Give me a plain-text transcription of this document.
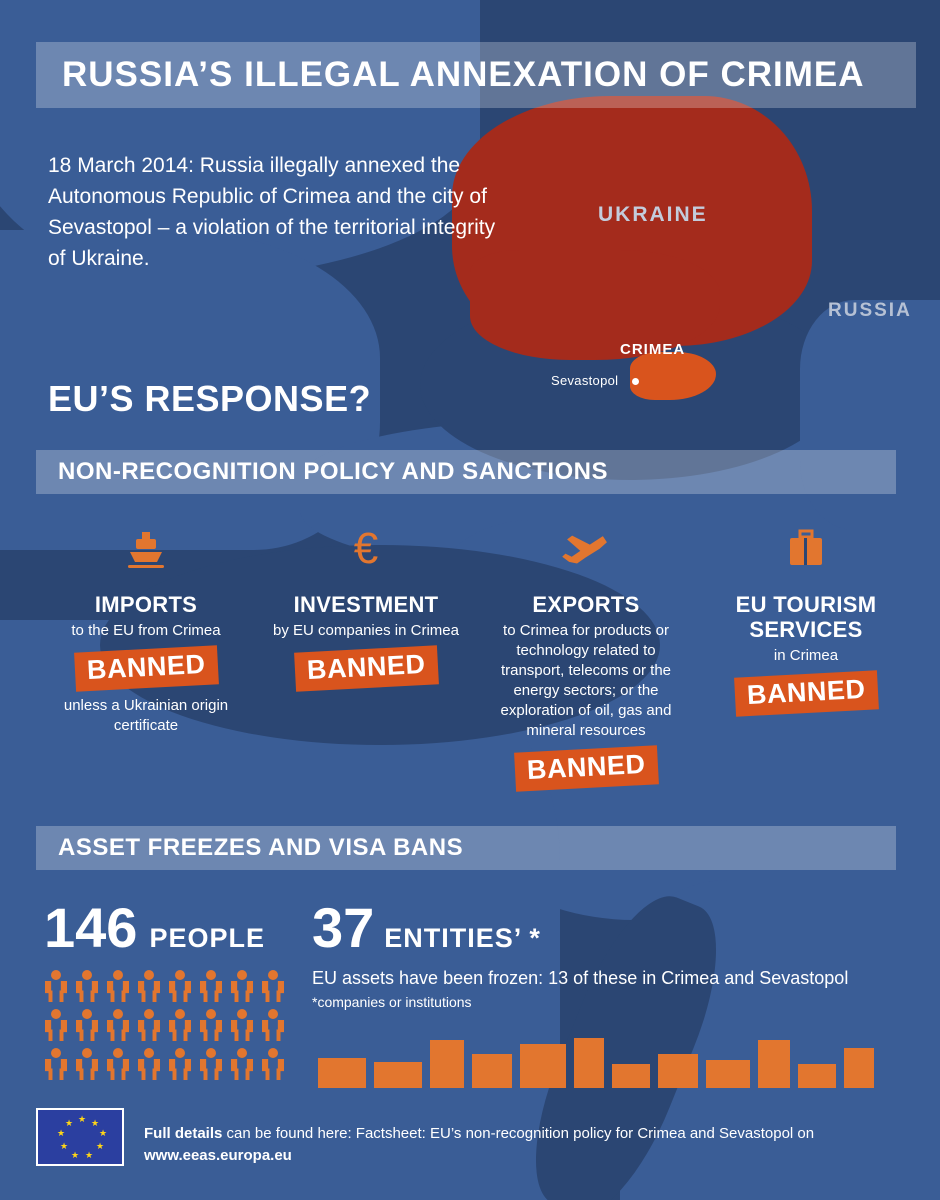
RUSSIA’S ILLEGAL ANNEXATION OF CRIMEA
18 March 2014: Russia illegally annexed the Autonomous Republic of Crimea and the city of Sevastopol – a violation of the territorial integrity of Ukraine.
UKRAINE
RUSSIA
CRIMEA
Sevastopol
EU’S RESPONSE?
NON-RECOGNITION POLICY AND SANCTIONS
IMPORTS
to the EU from Crimea
BANNED
unless a Ukrainian origin certificate
€
INVESTMENT
by EU companies in Crimea
BANNED
EXPORTS
to Crimea for products or technology related to transport, telecoms or the energy sectors; or the exploration of oil, gas and mineral resources
BANNED
EU TOURISM SERVICES
in Crimea
BANNED
ASSET FREEZES AND VISA BANS
146 PEOPLE 37 ENTITIES’ *
EU assets have been frozen: 13 of these in Crimea and Sevastopol
*companies or institutions
★ ★
★
★
★
★
★
★
★
Full details can be found here: Factsheet: EU’s non-recognition policy for Crimea and Sevastopol on www.eeas.europa.eu
